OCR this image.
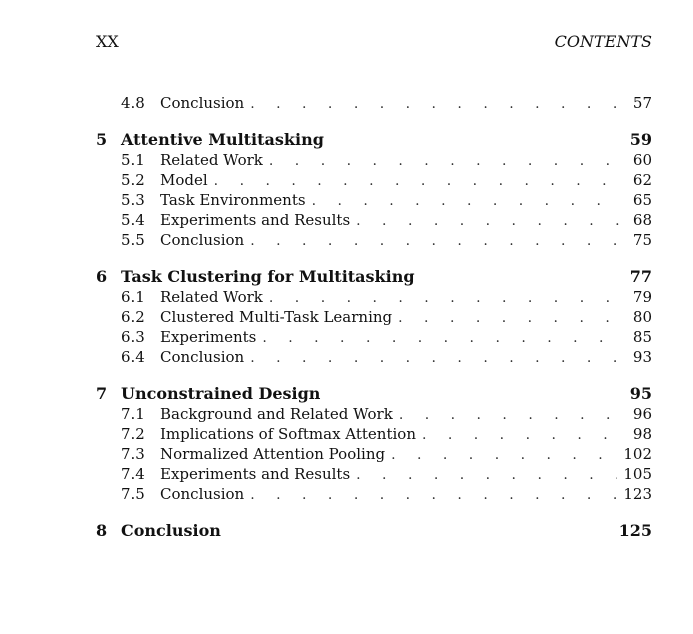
XX	CONTENTS
4.8	Conclusion . . .	57
5 Attentive Multitasking	59
5.1	Related Work . . .	60
5.2	Model . . .	62
5.3	Task Environments . . .	65
5.4	Experiments and Results . . .	68
5.5	Conclusion . . .	75
6 Task Clustering for Multitasking	77
6.1	Related Work . . .	79
6.2	Clustered Multi-Task Learning . . .	80
6.3	Experiments . . .	85
6.4	Conclusion . . .	93
7 Unconstrained Design	95
7.1	Background and Related Work . . .	96
7.2	Implications of Softmax Attention . . .	98
7.3	Normalized Attention Pooling . . .	102
7.4	Experiments and Results . . .	105
7.5	Conclusion . . .	123
8 Conclusion	125
